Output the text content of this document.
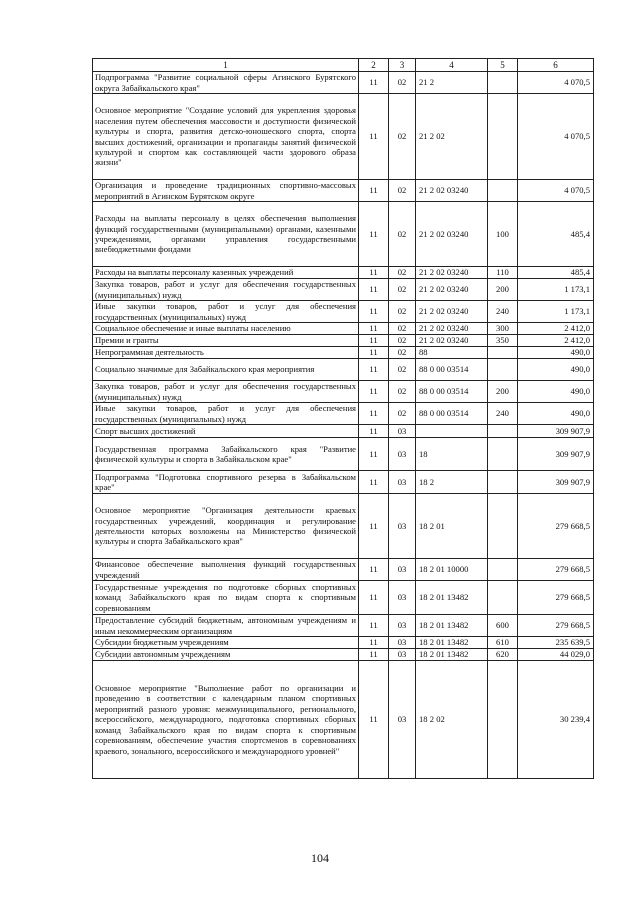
1	2	3	4	5	6
Подпрограмма "Развитие социальной сферы Агинского Бурятского округа Забайкальского края"	11	02	21 2		4 070,5
Основное мероприятие "Создание условий для укрепления здоровья населения путем обеспечения массовости и доступности физической культуры и спорта, развития детско-юношеского спорта, спорта высших достижений, организации и пропаганды занятий физической культурой и спортом как составляющей части здорового образа жизни"	11	02	21 2 02		4 070,5
Организация и проведение традиционных спортивно-массовых мероприятий в Агинском Бурятском округе	11	02	21 2 02 03240		4 070,5
Расходы на выплаты персоналу в целях обеспечения выполнения функций государственными (муниципальными) органами, казенными учреждениями, органами управления государственными внебюджетными фондами	11	02	21 2 02 03240	100	485,4
Расходы на выплаты персоналу казенных учреждений	11	02	21 2 02 03240	110	485,4
Закупка товаров, работ и услуг для обеспечения государственных (муниципальных) нужд	11	02	21 2 02 03240	200	1 173,1
Иные закупки товаров, работ и услуг для обеспечения государственных (муниципальных) нужд	11	02	21 2 02 03240	240	1 173,1
Социальное обеспечение и иные выплаты населению	11	02	21 2 02 03240	300	2 412,0
Премии и гранты	11	02	21 2 02 03240	350	2 412,0
Непрограммная деятельность	11	02	88		490,0
Социально значимые для Забайкальского края мероприятия	11	02	88 0 00 03514		490,0
Закупка товаров, работ и услуг для обеспечения государственных (муниципальных) нужд	11	02	88 0 00 03514	200	490,0
Иные закупки товаров, работ и услуг для обеспечения государственных (муниципальных) нужд	11	02	88 0 00 03514	240	490,0
Спорт высших достижений	11	03			309 907,9
Государственная программа Забайкальского края "Развитие физической культуры и спорта в Забайкальском крае"	11	03	18		309 907,9
Подпрограмма "Подготовка спортивного резерва в Забайкальском крае"	11	03	18 2		309 907,9
Основное мероприятие "Организация деятельности краевых государственных учреждений, координация и регулирование деятельности которых возложены на Министерство физической культуры и спорта Забайкальского края"	11	03	18 2 01		279 668,5
Финансовое обеспечение выполнения функций государственных учреждений	11	03	18 2 01 10000		279 668,5
Государственные учреждения по подготовке сборных спортивных команд Забайкальского края по видам спорта к спортивным соревнованиям	11	03	18 2 01 13482		279 668,5
Предоставление субсидий бюджетным, автономным учреждениям и иным некоммерческим организациям	11	03	18 2 01 13482	600	279 668,5
Субсидии бюджетным учреждениям	11	03	18 2 01 13482	610	235 639,5
Субсидии автономным учреждениям	11	03	18 2 01 13482	620	44 029,0
Основное мероприятие "Выполнение работ по организации и проведению в соответствии с календарным планом спортивных мероприятий разного уровня: межмуниципального, регионального, всероссийского, международного, подготовка спортивных сборных команд Забайкальского края по видам спорта к спортивным соревнованиям, обеспечение участия спортсменов в соревнованиях краевого, зонального, всероссийского и международного уровней"	11	03	18 2 02		30 239,4
104
